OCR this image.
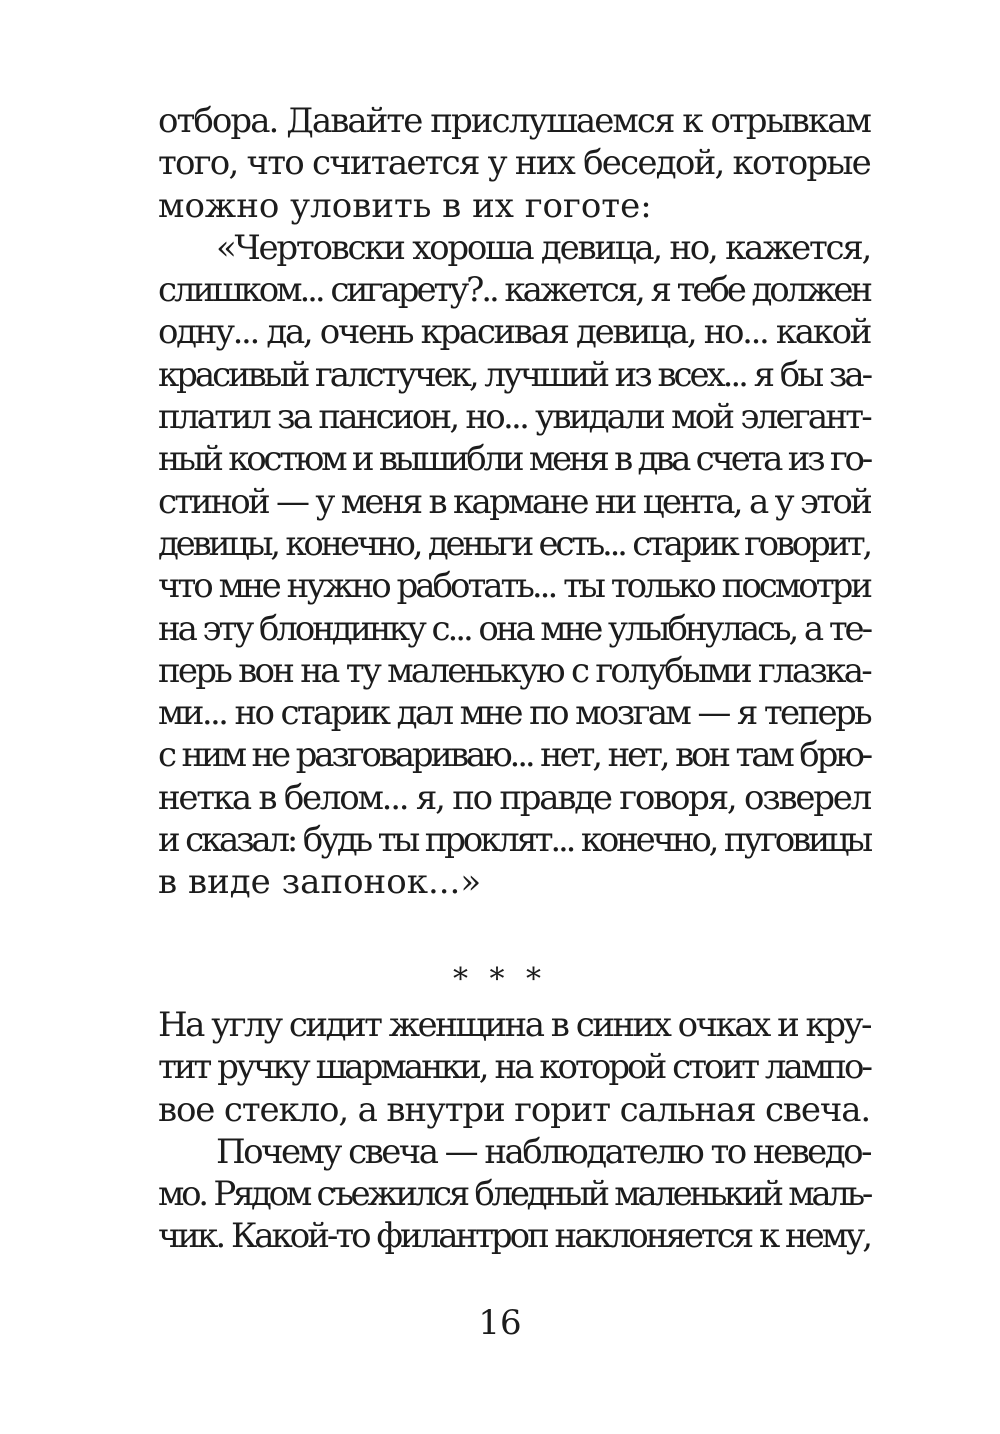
отбора. Давайте прислушаемся к отрывкам
того, что считается у них беседой, которые
можно уловить в их гоготе:
«Чертовски хороша девица, но, кажется,
слишком... сигарету?.. кажется, я тебе должен
одну... да, очень красивая девица, но... какой
красивый галстучек, лучший из всех... я бы за-
платил за пансион, но... увидали мой элегант-
ный костюм и вышибли меня в два счета из го-
стиной — у меня в кармане ни цента, а у этой
девицы, конечно, деньги есть... старик говорит,
что мне нужно работать... ты только посмотри
на эту блондинку с... она мне улыбнулась, а те-
перь вон на ту маленькую с голубыми глазка-
ми... но старик дал мне по мозгам — я теперь
с ним не разговариваю... нет, нет, вон там брю-
нетка в белом... я, по правде говоря, озверел
и сказал: будь ты проклят... конечно, пуговицы
в виде запонок...»
* * *
На углу сидит женщина в синих очках и кру-
тит ручку шарманки, на которой стоит лампо-
вое стекло, а внутри горит сальная свеча.
Почему свеча — наблюдателю то неведо-
мо. Рядом съежился бледный маленький маль-
чик. Какой-то филантроп наклоняется к нему,
16
